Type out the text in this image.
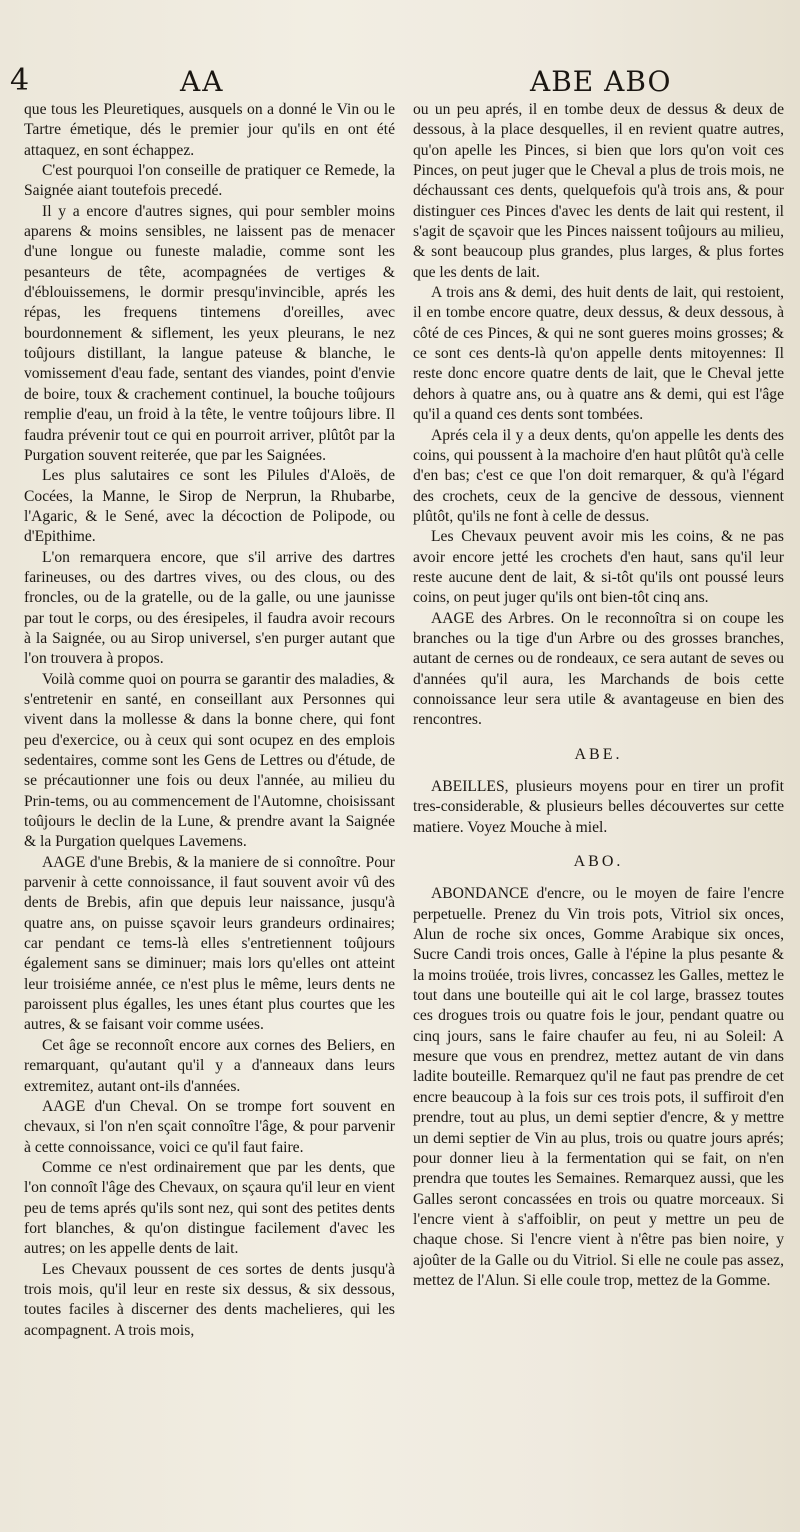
4	AA	ABE ABO

que tous les Pleuretiques, ausquels on a donné le Vin ou le Tartre émetique, dés le premier jour qu'ils en ont été attaquez, en sont échappez.

C'est pourquoi l'on conseille de pratiquer ce Remede, la Saignée aiant toutefois precedé.

Il y a encore d'autres signes, qui pour sembler moins aparens & moins sensibles, ne laissent pas de menacer d'une longue ou funeste maladie, comme sont les pesanteurs de tête, acompagnées de vertiges & d'éblouissemens, le dormir presqu'invincible, aprés les répas, les frequens tintemens d'oreilles, avec bourdonnement & siflement, les yeux pleurans, le nez toûjours distillant, la langue pateuse & blanche, le vomissement d'eau fade, sentant des viandes, point d'envie de boire, toux & crachement continuel, la bouche toûjours remplie d'eau, un froid à la tête, le ventre toûjours libre. Il faudra prévenir tout ce qui en pourroit arriver, plûtôt par la Purgation souvent reiterée, que par les Saignées.

Les plus salutaires ce sont les Pilules d'Aloës, de Cocées, la Manne, le Sirop de Nerprun, la Rhubarbe, l'Agaric, & le Sené, avec la décoction de Polipode, ou d'Epithime.

L'on remarquera encore, que s'il arrive des dartres farineuses, ou des dartres vives, ou des clous, ou des froncles, ou de la gratelle, ou de la galle, ou une jaunisse par tout le corps, ou des éresipeles, il faudra avoir recours à la Saignée, ou au Sirop universel, s'en purger autant que l'on trouvera à propos.

Voilà comme quoi on pourra se garantir des maladies, & s'entretenir en santé, en conseillant aux Personnes qui vivent dans la mollesse & dans la bonne chere, qui font peu d'exercice, ou à ceux qui sont ocupez en des emplois sedentaires, comme sont les Gens de Lettres ou d'étude, de se précautionner une fois ou deux l'année, au milieu du Prin-tems, ou au commencement de l'Automne, choisissant toûjours le declin de la Lune, & prendre avant la Saignée & la Purgation quelques Lavemens.

AAGE d'une Brebis, & la maniere de si connoître. Pour parvenir à cette connoissance, il faut souvent avoir vû des dents de Brebis, afin que depuis leur naissance, jusqu'à quatre ans, on puisse sçavoir leurs grandeurs ordinaires; car pendant ce tems-là elles s'entretiennent toûjours également sans se diminuer; mais lors qu'elles ont atteint leur troisiéme année, ce n'est plus le même, leurs dents ne paroissent plus égalles, les unes étant plus courtes que les autres, & se faisant voir comme usées.

Cet âge se reconnoît encore aux cornes des Beliers, en remarquant, qu'autant qu'il y a d'anneaux dans leurs extremitez, autant ont-ils d'années.

AAGE d'un Cheval. On se trompe fort souvent en chevaux, si l'on n'en sçait connoître l'âge, & pour parvenir à cette connoissance, voici ce qu'il faut faire.

Comme ce n'est ordinairement que par les dents, que l'on connoît l'âge des Chevaux, on sçaura qu'il leur en vient peu de tems aprés qu'ils sont nez, qui sont des petites dents fort blanches, & qu'on distingue facilement d'avec les autres; on les appelle dents de lait.

Les Chevaux poussent de ces sortes de dents jusqu'à trois mois, qu'il leur en reste six dessus, & six dessous, toutes faciles à discerner des dents machelieres, qui les acompagnent. A trois mois,

ou un peu aprés, il en tombe deux de dessus & deux de dessous, à la place desquelles, il en revient quatre autres, qu'on apelle les Pinces, si bien que lors qu'on voit ces Pinces, on peut juger que le Cheval a plus de trois mois, ne déchaussant ces dents, quelquefois qu'à trois ans, & pour distinguer ces Pinces d'avec les dents de lait qui restent, il s'agit de sçavoir que les Pinces naissent toûjours au milieu, & sont beaucoup plus grandes, plus larges, & plus fortes que les dents de lait.

A trois ans & demi, des huit dents de lait, qui restoient, il en tombe encore quatre, deux dessus, & deux dessous, à côté de ces Pinces, & qui ne sont gueres moins grosses; & ce sont ces dents-là qu'on appelle dents mitoyennes: Il reste donc encore quatre dents de lait, que le Cheval jette dehors à quatre ans, ou à quatre ans & demi, qui est l'âge qu'il a quand ces dents sont tombées.

Aprés cela il y a deux dents, qu'on appelle les dents des coins, qui poussent à la machoire d'en haut plûtôt qu'à celle d'en bas; c'est ce que l'on doit remarquer, & qu'à l'égard des crochets, ceux de la gencive de dessous, viennent plûtôt, qu'ils ne font à celle de dessus.

Les Chevaux peuvent avoir mis les coins, & ne pas avoir encore jetté les crochets d'en haut, sans qu'il leur reste aucune dent de lait, & si-tôt qu'ils ont poussé leurs coins, on peut juger qu'ils ont bien-tôt cinq ans.

AAGE des Arbres. On le reconnoîtra si on coupe les branches ou la tige d'un Arbre ou des grosses branches, autant de cernes ou de rondeaux, ce sera autant de seves ou d'années qu'il aura, les Marchands de bois cette connoissance leur sera utile & avantageuse en bien des rencontres.

ABE.

ABEILLES, plusieurs moyens pour en tirer un profit tres-considerable, & plusieurs belles découvertes sur cette matiere. Voyez Mouche à miel.

ABO.

ABONDANCE d'encre, ou le moyen de faire l'encre perpetuelle. Prenez du Vin trois pots, Vitriol six onces, Alun de roche six onces, Gomme Arabique six onces, Sucre Candi trois onces, Galle à l'épine la plus pesante & la moins troüée, trois livres, concassez les Galles, mettez le tout dans une bouteille qui ait le col large, brassez toutes ces drogues trois ou quatre fois le jour, pendant quatre ou cinq jours, sans le faire chaufer au feu, ni au Soleil: A mesure que vous en prendrez, mettez autant de vin dans ladite bouteille. Remarquez qu'il ne faut pas prendre de cet encre beaucoup à la fois sur ces trois pots, il suffiroit d'en prendre, tout au plus, un demi septier d'encre, & y mettre un demi septier de Vin au plus, trois ou quatre jours aprés; pour donner lieu à la fermentation qui se fait, on n'en prendra que toutes les Semaines. Remarquez aussi, que les Galles seront concassées en trois ou quatre morceaux. Si l'encre vient à s'affoiblir, on peut y mettre un peu de chaque chose. Si l'encre vient à n'être pas bien noire, y ajoûter de la Galle ou du Vitriol. Si elle ne coule pas assez, mettez de l'Alun. Si elle coule trop, mettez de la Gomme.
